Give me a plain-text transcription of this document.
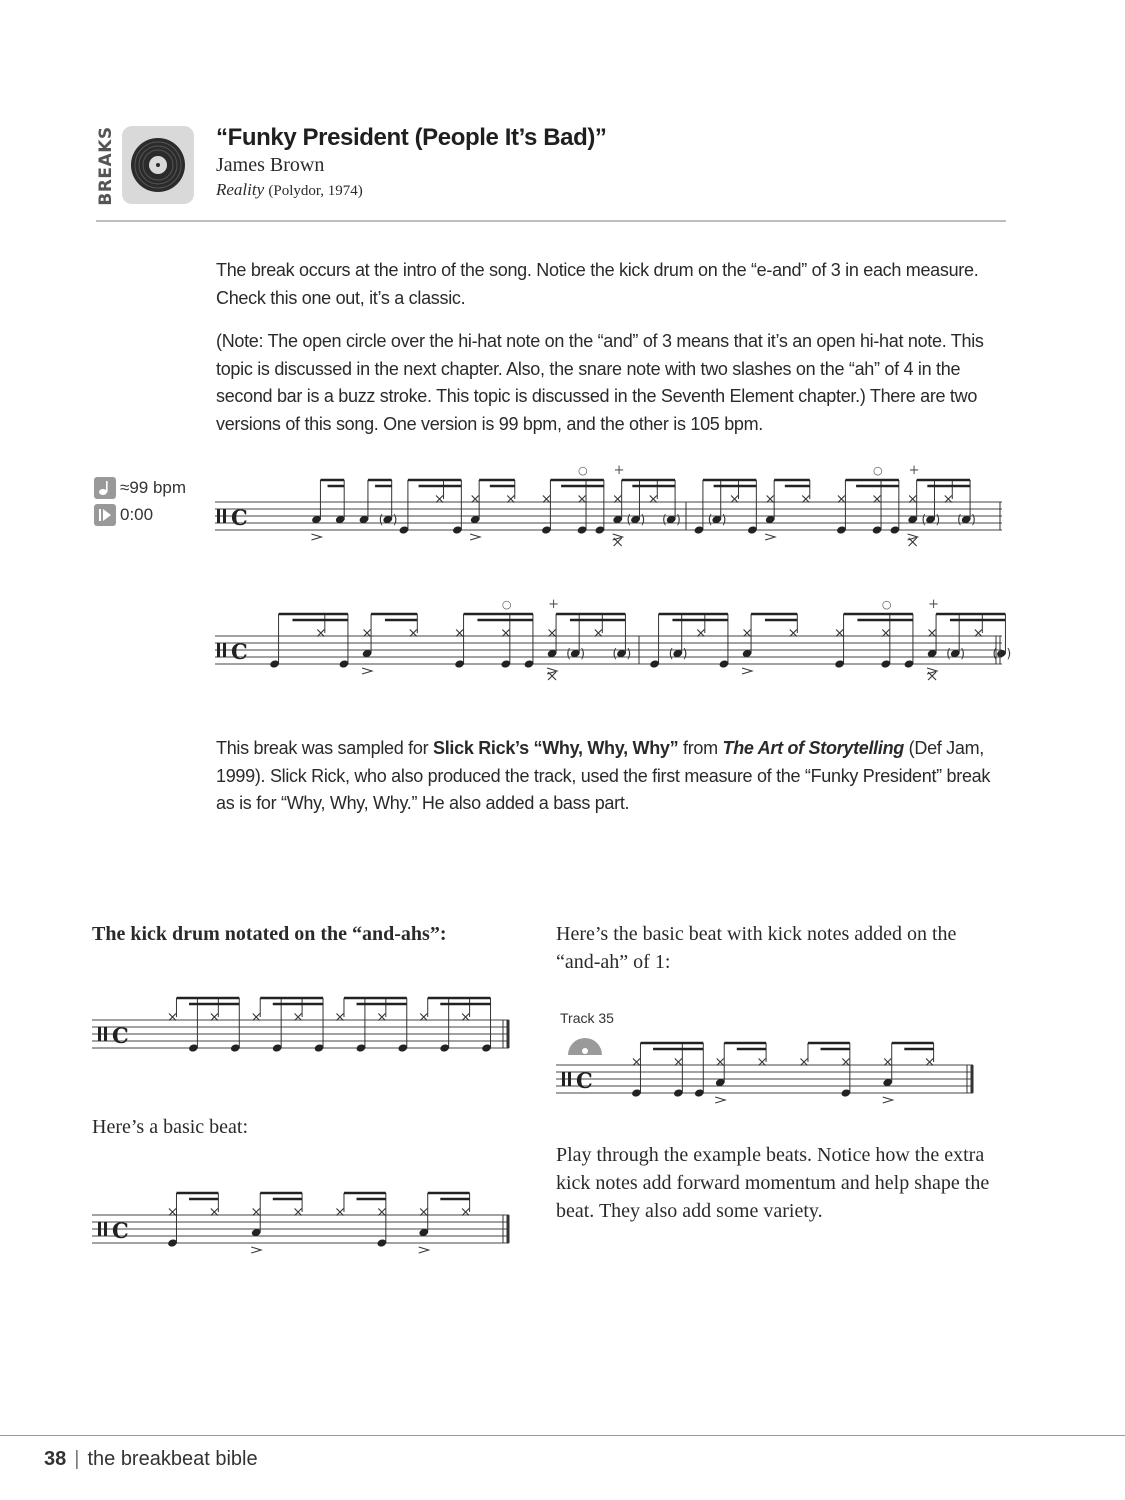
BREAKS	“Funky President (People It’s Bad)”
James Brown
Reality (Polydor, 1974)

The break occurs at the intro of the song. Notice the kick drum on the “e-and” of 3 in each measure. Check this one out, it’s a classic.

(Note: The open circle over the hi-hat note on the “and” of 3 means that it’s an open hi-hat note. This topic is discussed in the next chapter. Also, the snare note with two slashes on the “ah” of 4 in the second bar is a buzz stroke. This topic is discussed in the Seventh Element chapter.) There are two versions of this song. One version is 99 bpm, and the other is 105 bpm.

≈99 bpm
0:00	C	( )	( ) ( )
○ +
( )	( ) ( )
○ +
C	( ) ( )
○	+
( )	( ) ( )
○	+

This break was sampled for Slick Rick’s “Why, Why, Why” from The Art of Storytelling (Def Jam, 1999). Slick Rick, who also produced the track, used the first measure of the “Funky President” break as is for “Why, Why, Why.” He also added a bass part.

The kick drum notated on the “and-ahs”:

C

Here’s a basic beat:

C

Here’s the basic beat with kick notes added on the “and-ah” of 1:

Track 35
C

Play through the example beats. Notice how the extra kick notes add forward momentum and help shape the beat. They also add some variety.

38 | the breakbeat bible
